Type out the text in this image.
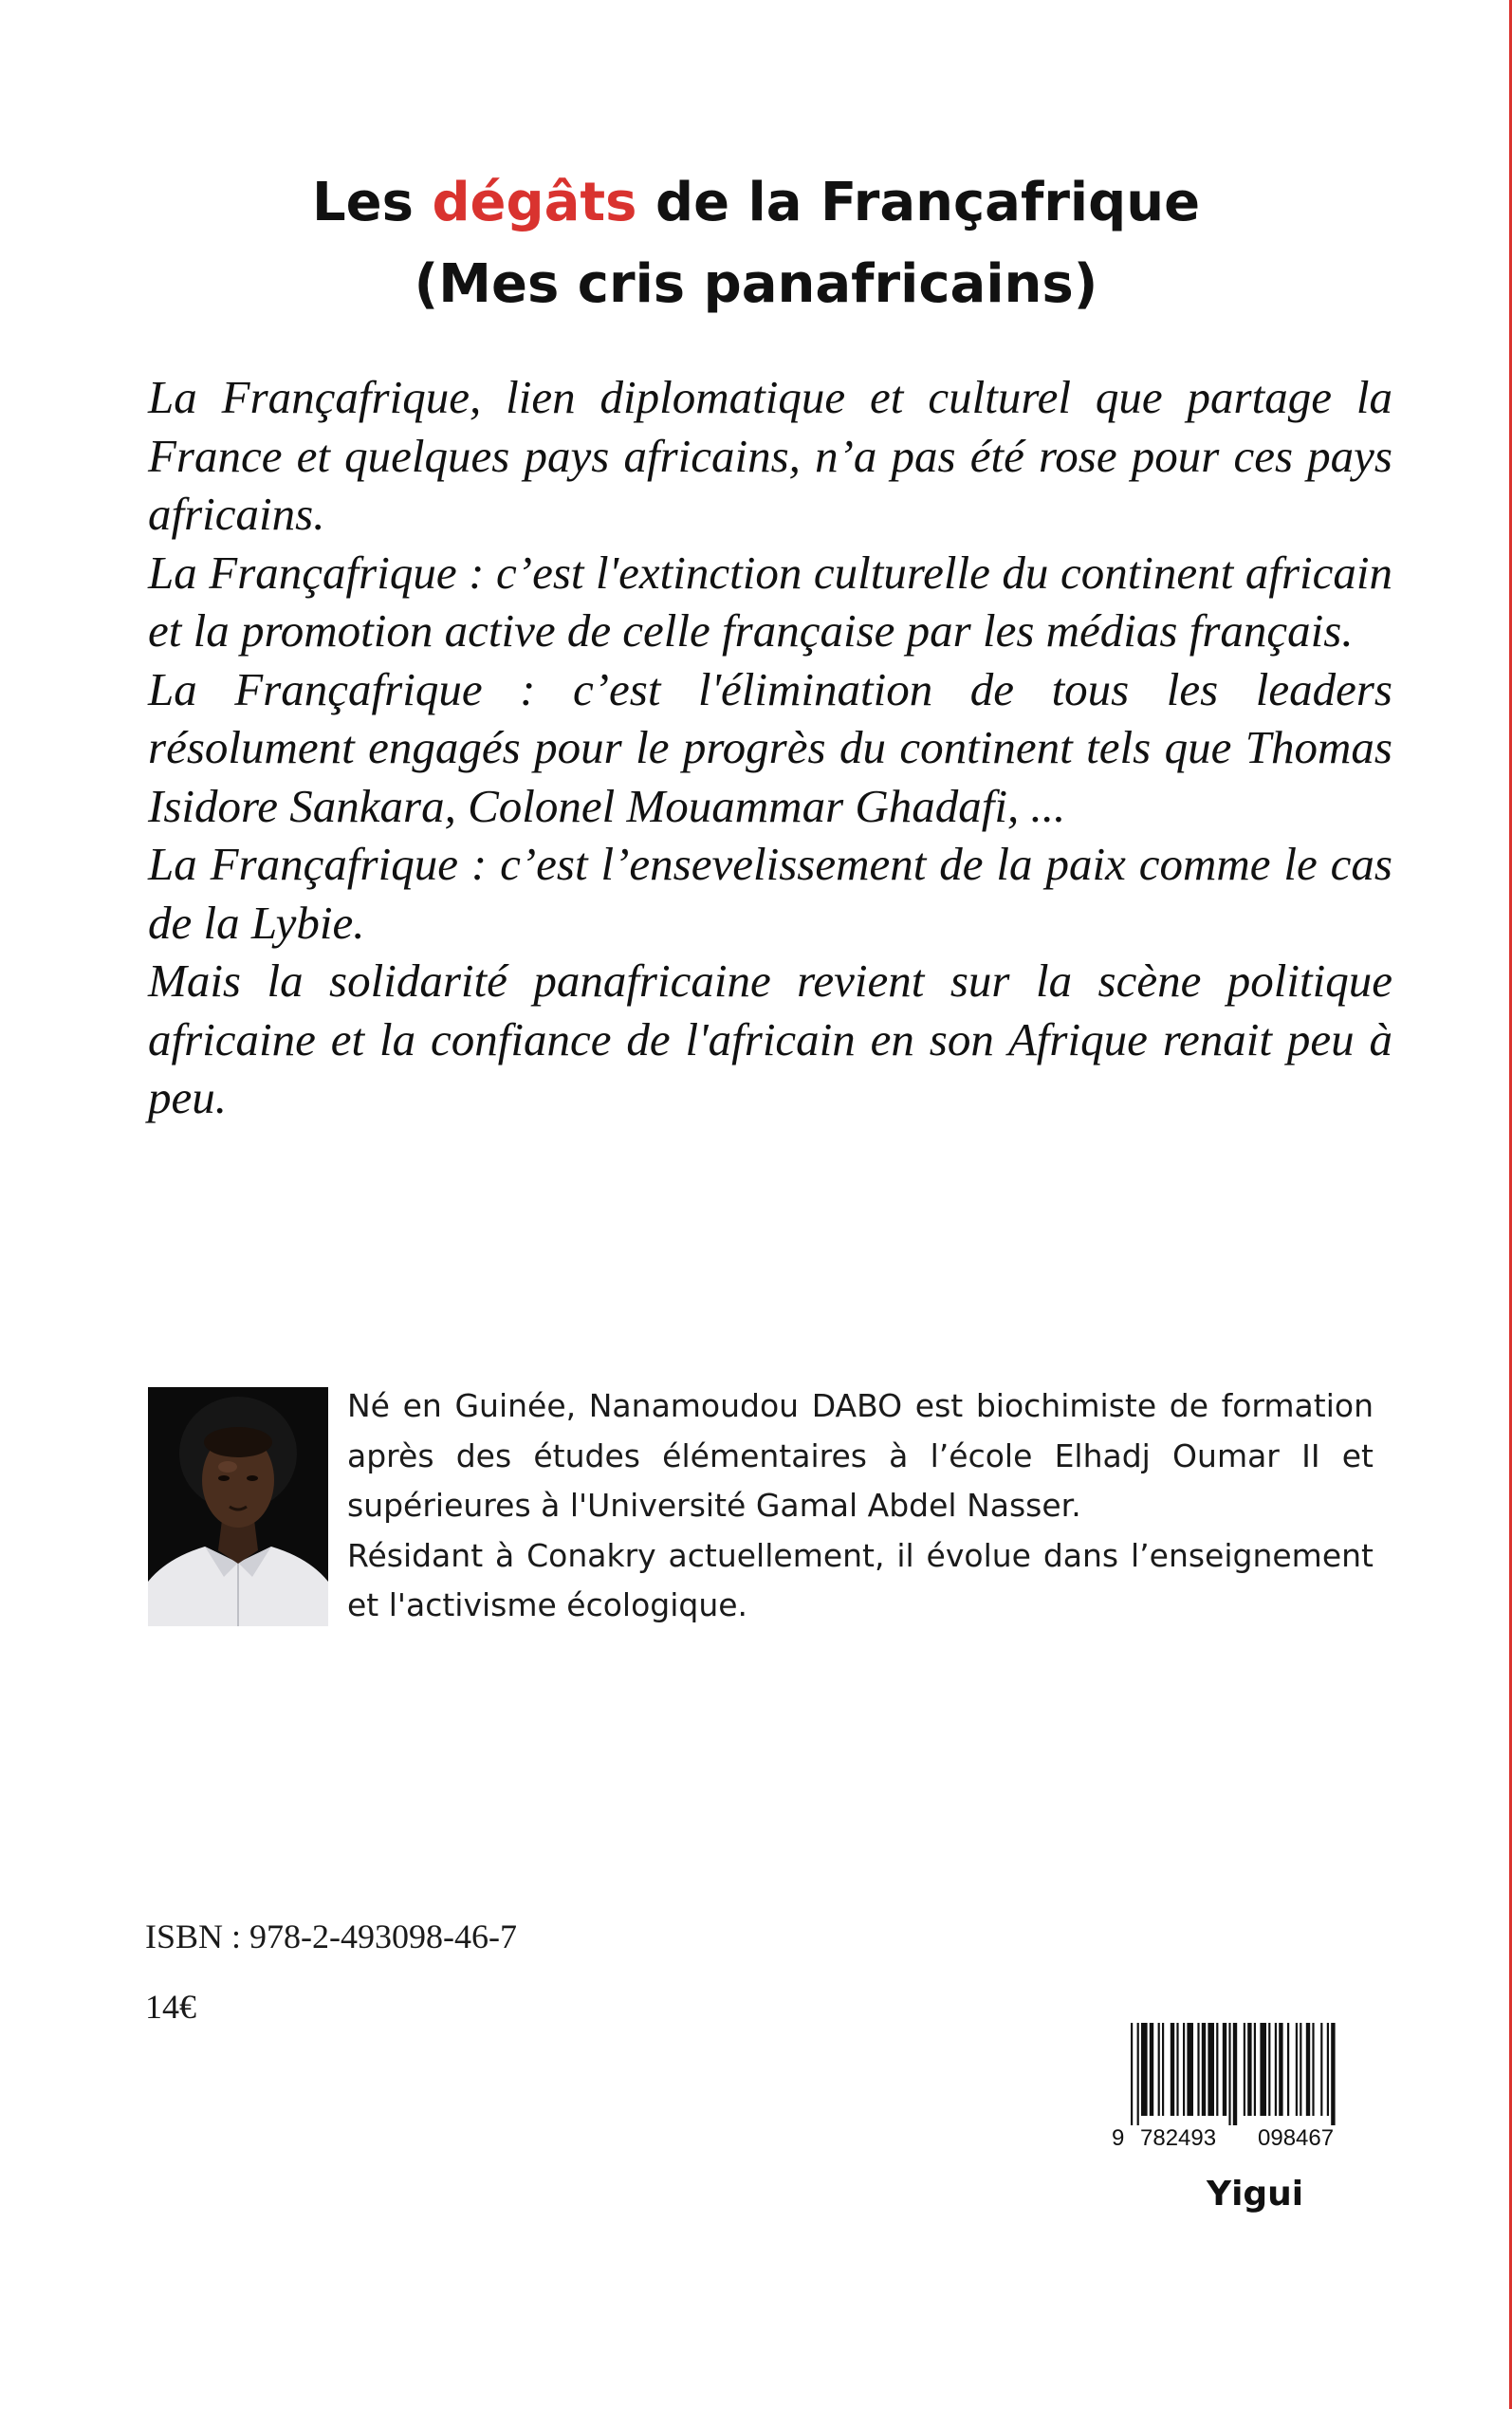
Les dégâts de la Françafrique
(Mes cris panafricains)

La Françafrique, lien diplomatique et culturel que partage la France et quelques pays africains, n’a pas été rose pour ces pays africains.

La Françafrique : c’est l'extinction culturelle du continent africain et la promotion active de celle française par les médias français.

La Françafrique : c’est l'élimination de tous les leaders résolument engagés pour le progrès du continent tels que Thomas Isidore Sankara, Colonel Mouammar Ghadafi, ...

La Françafrique : c’est l’ensevelissement de la paix comme le cas de la Lybie.

Mais la solidarité panafricaine revient sur la scène politique africaine et la confiance de l'africain en son Afrique renait peu à peu.

Né en Guinée, Nanamoudou DABO est biochimiste de formation après des études élémentaires à l’école Elhadj Oumar II et supérieures à l'Université Gamal Abdel Nasser.

Résidant à Conakry actuellement, il évolue dans l’enseignement et l'activisme écologique.

ISBN : 978-2-493098-46-7
14€
9 782493 098467
Yigui
